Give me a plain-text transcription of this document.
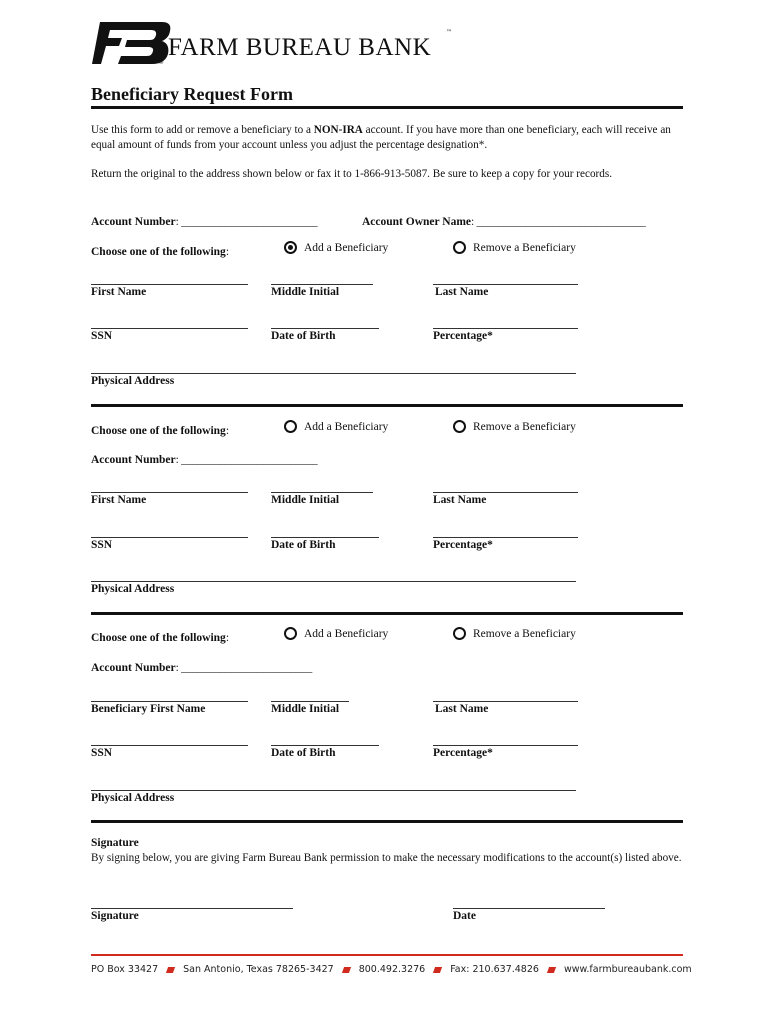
®
™
FARM BUREAU BANK
Beneficiary Request Form
Use this form to add or remove a beneficiary to a NON-IRA account. If you have more than one beneficiary, each will receive an equal amount of funds from your account unless you adjust the percentage designation*.
Return the original to the address shown below or fax it to 1-866-913-5087. Be sure to keep a copy for your records.
Account Number: _________________________	Account Owner Name: _______________________________
Choose one of the following:	Add a Beneficiary	Remove a Beneficiary
First Name	Middle Initial	Last Name
SSN	Date of Birth	Percentage*
Physical Address
Choose one of the following:	Add a Beneficiary	Remove a Beneficiary
Account Number: _________________________
First Name	Middle Initial	Last Name
SSN	Date of Birth	Percentage*
Physical Address
Choose one of the following:	Add a Beneficiary	Remove a Beneficiary
Account Number: ________________________
Beneficiary First Name	Middle Initial	Last Name
SSN	Date of Birth	Percentage*
Physical Address
Signature
By signing below, you are giving Farm Bureau Bank permission to make the necessary modifications to the account(s) listed above.
Signature	Date
PO Box 33427	San Antonio, Texas 78265-3427	800.492.3276	Fax: 210.637.4826	www.farmbureaubank.com
